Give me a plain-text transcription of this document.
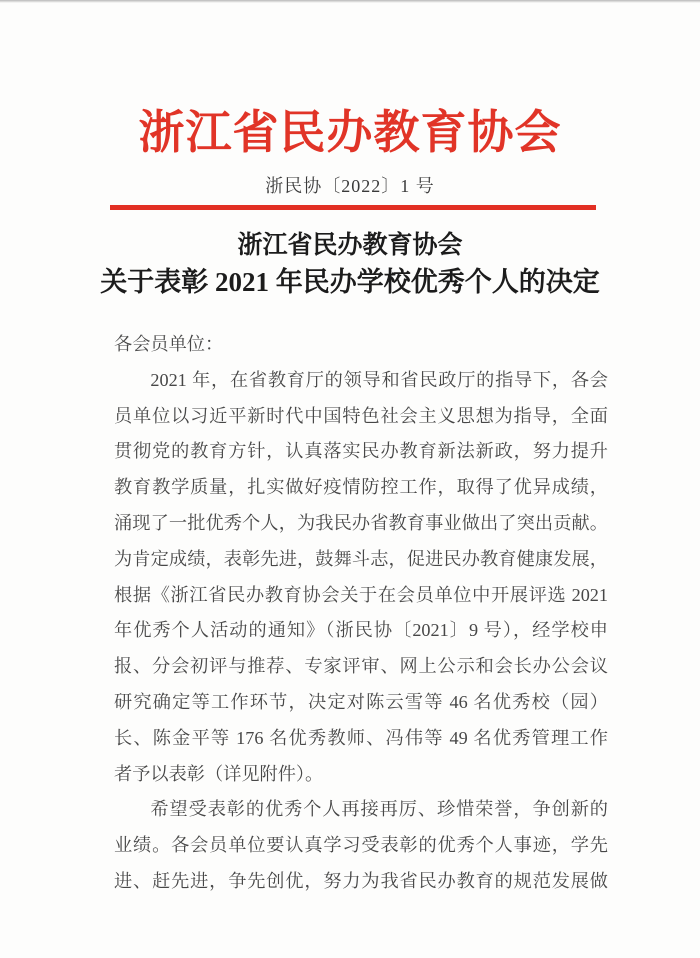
浙江省民办教育协会
浙民协〔2022〕1 号
浙江省民办教育协会
关于表彰 2021 年民办学校优秀个人的决定
各会员单位：
2021 年，在省教育厅的领导和省民政厅的指导下，各会
员单位以习近平新时代中国特色社会主义思想为指导，全面
贯彻党的教育方针，认真落实民办教育新法新政，努力提升
教育教学质量，扎实做好疫情防控工作，取得了优异成绩，
涌现了一批优秀个人，为我民办省教育事业做出了突出贡献。
为肯定成绩，表彰先进，鼓舞斗志，促进民办教育健康发展，
根据《浙江省民办教育协会关于在会员单位中开展评选 2021
年优秀个人活动的通知》（浙民协〔2021〕9 号），经学校申
报、分会初评与推荐、专家评审、网上公示和会长办公会议
研究确定等工作环节，决定对陈云雪等 46 名优秀校（园）
长、陈金平等 176 名优秀教师、冯伟等 49 名优秀管理工作
者予以表彰（详见附件）。
希望受表彰的优秀个人再接再厉、珍惜荣誉，争创新的
业绩。各会员单位要认真学习受表彰的优秀个人事迹，学先
进、赶先进，争先创优，努力为我省民办教育的规范发展做
